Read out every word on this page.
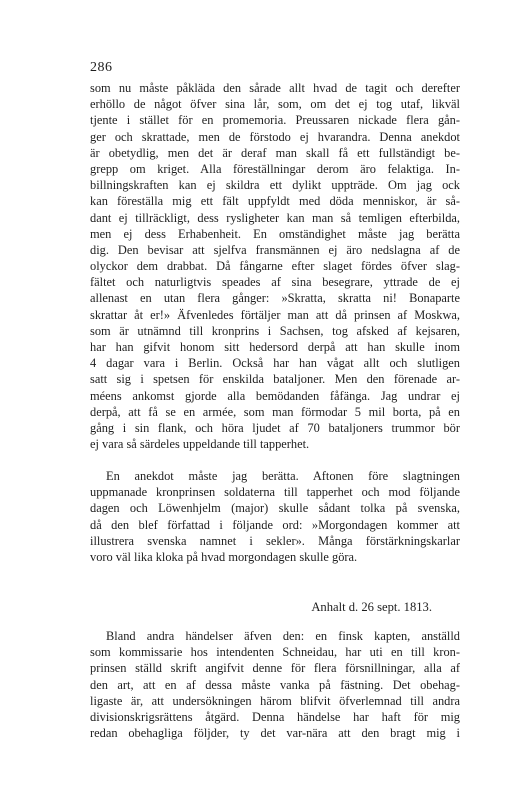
286
som nu måste påkläda den sårade allt hvad de tagit och derefter
erhöllo de något öfver sina lår, som, om det ej tog utaf, likväl
tjente i stället för en promemoria. Preussaren nickade flera gån-
ger och skrattade, men de förstodo ej hvarandra. Denna anekdot
är obetydlig, men det är deraf man skall få ett fullständigt be-
grepp om kriget. Alla föreställningar derom äro felaktiga. In-
billningskraften kan ej skildra ett dylikt uppträde. Om jag ock
kan föreställa mig ett fält uppfyldt med döda menniskor, är så-
dant ej tillräckligt, dess rysligheter kan man så temligen efterbilda,
men ej dess Erhabenheit. En omständighet måste jag berätta
dig. Den bevisar att sjelfva fransmännen ej äro nedslagna af de
olyckor dem drabbat. Då fångarne efter slaget fördes öfver slag-
fältet och naturligtvis speades af sina besegrare, yttrade de ej
allenast en utan flera gånger: »Skratta, skratta ni! Bonaparte
skrattar åt er!» Äfvenledes förtäljer man att då prinsen af Moskwa,
som är utnämnd till kronprins i Sachsen, tog afsked af kejsaren,
har han gifvit honom sitt hedersord derpå att han skulle inom
4 dagar vara i Berlin. Också har han vågat allt och slutligen
satt sig i spetsen för enskilda bataljoner. Men den förenade ar-
méens ankomst gjorde alla bemödanden fåfänga. Jag undrar ej
derpå, att få se en armée, som man förmodar 5 mil borta, på en
gång i sin flank, och höra ljudet af 70 bataljoners trummor bör
ej vara så särdeles uppeldande till tapperhet.
En anekdot måste jag berätta. Aftonen före slagtningen
uppmanade kronprinsen soldaterna till tapperhet och mod följande
dagen och Löwenhjelm (major) skulle sådant tolka på svenska,
då den blef författad i följande ord: »Morgondagen kommer att
illustrera svenska namnet i sekler». Många förstärkningskarlar
voro väl lika kloka på hvad morgondagen skulle göra.
Anhalt d. 26 sept. 1813.
Bland andra händelser äfven den: en finsk kapten, anställd
som kommissarie hos intendenten Schneidau, har uti en till kron-
prinsen ställd skrift angifvit denne för flera försnillningar, alla af
den art, att en af dessa måste vanka på fästning. Det obehag-
ligaste är, att undersökningen härom blifvit öfverlemnad till andra
divisionskrigsrättens åtgärd. Denna händelse har haft för mig
redan obehagliga följder, ty det var-nära att den bragt mig i
